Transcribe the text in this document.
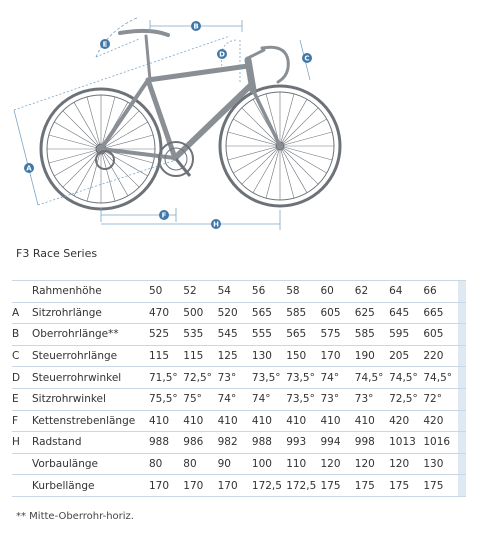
A
B
C
D
E
F
H
F3 Race Series
	Rahmenhöhe	50	52	54	56	58	60	62	64	66	
A	Sitzrohrlänge	470	500	520	565	585	605	625	645	665	
B	Oberrohrlänge**	525	535	545	555	565	575	585	595	605	
C	Steuerrohrlänge	115	115	125	130	150	170	190	205	220	
D	Steuerrohrwinkel	71,5°	72,5°	73°	73,5°	73,5°	74°	74,5°	74,5°	74,5°	
E	Sitzrohrwinkel	75,5°	75°	74°	74°	73,5°	73°	73°	72,5°	72°	
F	Kettenstrebenlänge	410	410	410	410	410	410	410	420	420	
H	Radstand	988	986	982	988	993	994	998	1013	1016	
	Vorbaulänge	80	80	90	100	110	120	120	120	130	
	Kurbellänge	170	170	170	172,5	172,5	175	175	175	175	
** Mitte-Oberrohr-horiz.
